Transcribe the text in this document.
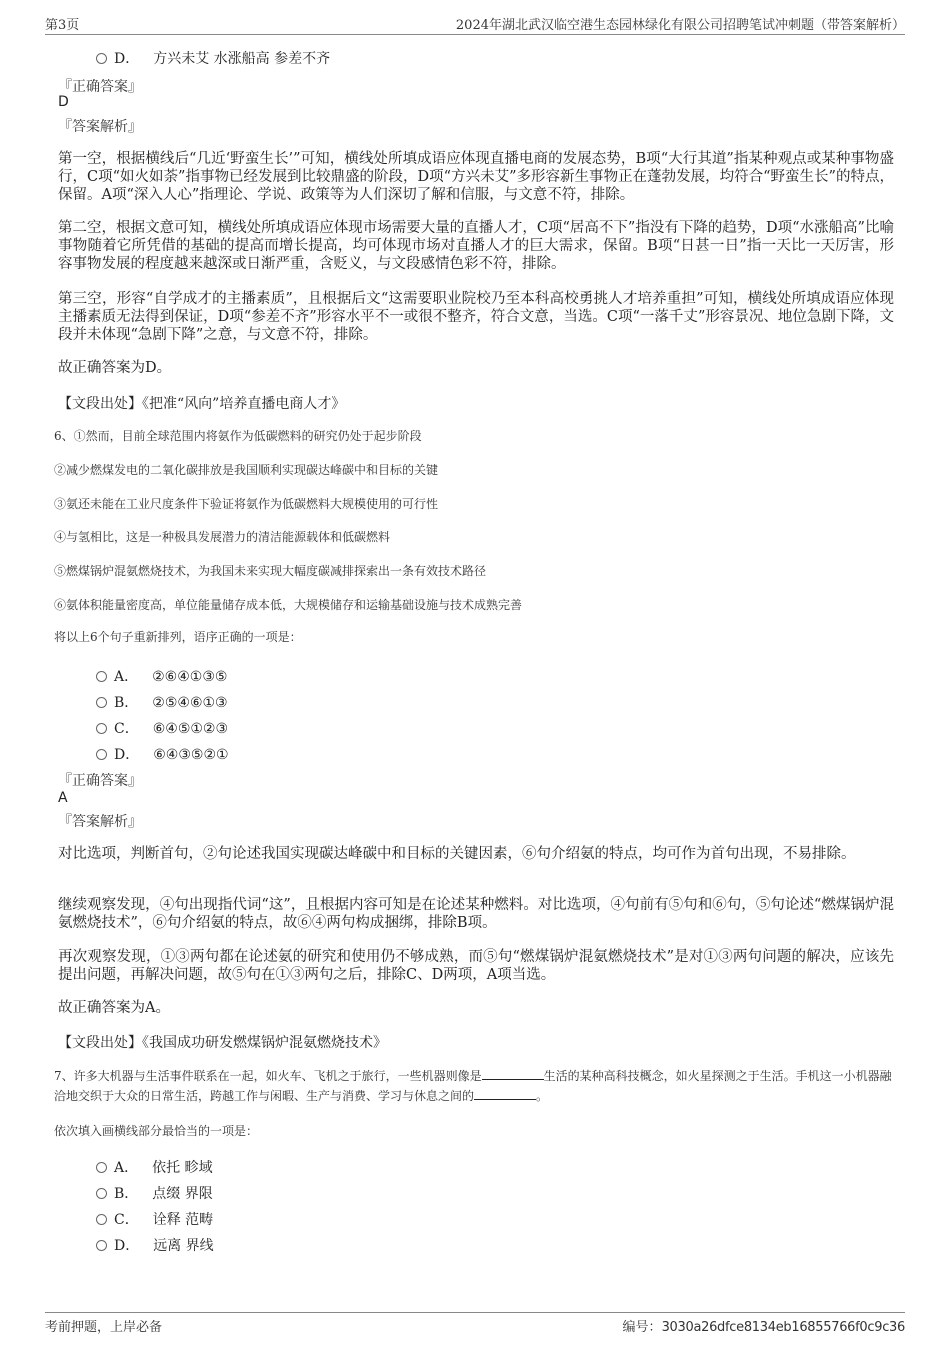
第3页	2024年湖北武汉临空港生态园林绿化有限公司招聘笔试冲刺题（带答案解析）
D． 方兴未艾 水涨船高 参差不齐
『正确答案』
D
『答案解析』
第一空，根据横线后“几近‘野蛮生长’”可知，横线处所填成语应体现直播电商的发展态势，B项“大行其道”指某种观点或某种事物盛行，C项“如火如荼”指事物已经发展到比较鼎盛的阶段，D项“方兴未艾”多形容新生事物正在蓬勃发展，均符合“野蛮生长”的特点，保留。A项“深入人心”指理论、学说、政策等为人们深切了解和信服，与文意不符，排除。
第二空，根据文意可知，横线处所填成语应体现市场需要大量的直播人才，C项“居高不下”指没有下降的趋势，D项“水涨船高”比喻事物随着它所凭借的基础的提高而增长提高，均可体现市场对直播人才的巨大需求，保留。B项“日甚一日”指一天比一天厉害，形容事物发展的程度越来越深或日渐严重，含贬义，与文段感情色彩不符，排除。
第三空，形容“自学成才的主播素质”，且根据后文“这需要职业院校乃至本科高校勇挑人才培养重担”可知，横线处所填成语应体现主播素质无法得到保证，D项“参差不齐”形容水平不一或很不整齐，符合文意，当选。C项“一落千丈”形容景况、地位急剧下降，文段并未体现“急剧下降”之意，与文意不符，排除。
故正确答案为D。
【文段出处】《把准“风向”培养直播电商人才》
6、①然而，目前全球范围内将氨作为低碳燃料的研究仍处于起步阶段
②减少燃煤发电的二氧化碳排放是我国顺利实现碳达峰碳中和目标的关键
③氨还未能在工业尺度条件下验证将氨作为低碳燃料大规模使用的可行性
④与氢相比，这是一种极具发展潜力的清洁能源载体和低碳燃料
⑤燃煤锅炉混氨燃烧技术，为我国未来实现大幅度碳减排探索出一条有效技术路径
⑥氨体积能量密度高，单位能量储存成本低，大规模储存和运输基础设施与技术成熟完善
将以上6个句子重新排列，语序正确的一项是：
A． ②⑥④①③⑤
B． ②⑤④⑥①③
C． ⑥④⑤①②③
D． ⑥④③⑤②①
『正确答案』
A
『答案解析』
对比选项，判断首句，②句论述我国实现碳达峰碳中和目标的关键因素，⑥句介绍氨的特点，均可作为首句出现，不易排除。
继续观察发现，④句出现指代词“这”，且根据内容可知是在论述某种燃料。对比选项，④句前有⑤句和⑥句，⑤句论述“燃煤锅炉混氨燃烧技术”，⑥句介绍氨的特点，故⑥④两句构成捆绑，排除B项。
再次观察发现，①③两句都在论述氨的研究和使用仍不够成熟，而⑤句“燃煤锅炉混氨燃烧技术”是对①③两句问题的解决，应该先提出问题，再解决问题，故⑤句在①③两句之后，排除C、D两项，A项当选。
故正确答案为A。
【文段出处】《我国成功研发燃煤锅炉混氨燃烧技术》
7、许多大机器与生活事件联系在一起，如火车、飞机之于旅行，一些机器则像是	生活的某种高科技概念，如火星探测之于生活。手机这一小机器融洽地交织于大众的日常生活，跨越工作与闲暇、生产与消费、学习与休息之间的	。
依次填入画横线部分最恰当的一项是：
A． 依托 畛域
B． 点缀 界限
C． 诠释 范畴
D． 远离 界线
考前押题，上岸必备	编号：3030a26dfce8134eb16855766f0c9c36
